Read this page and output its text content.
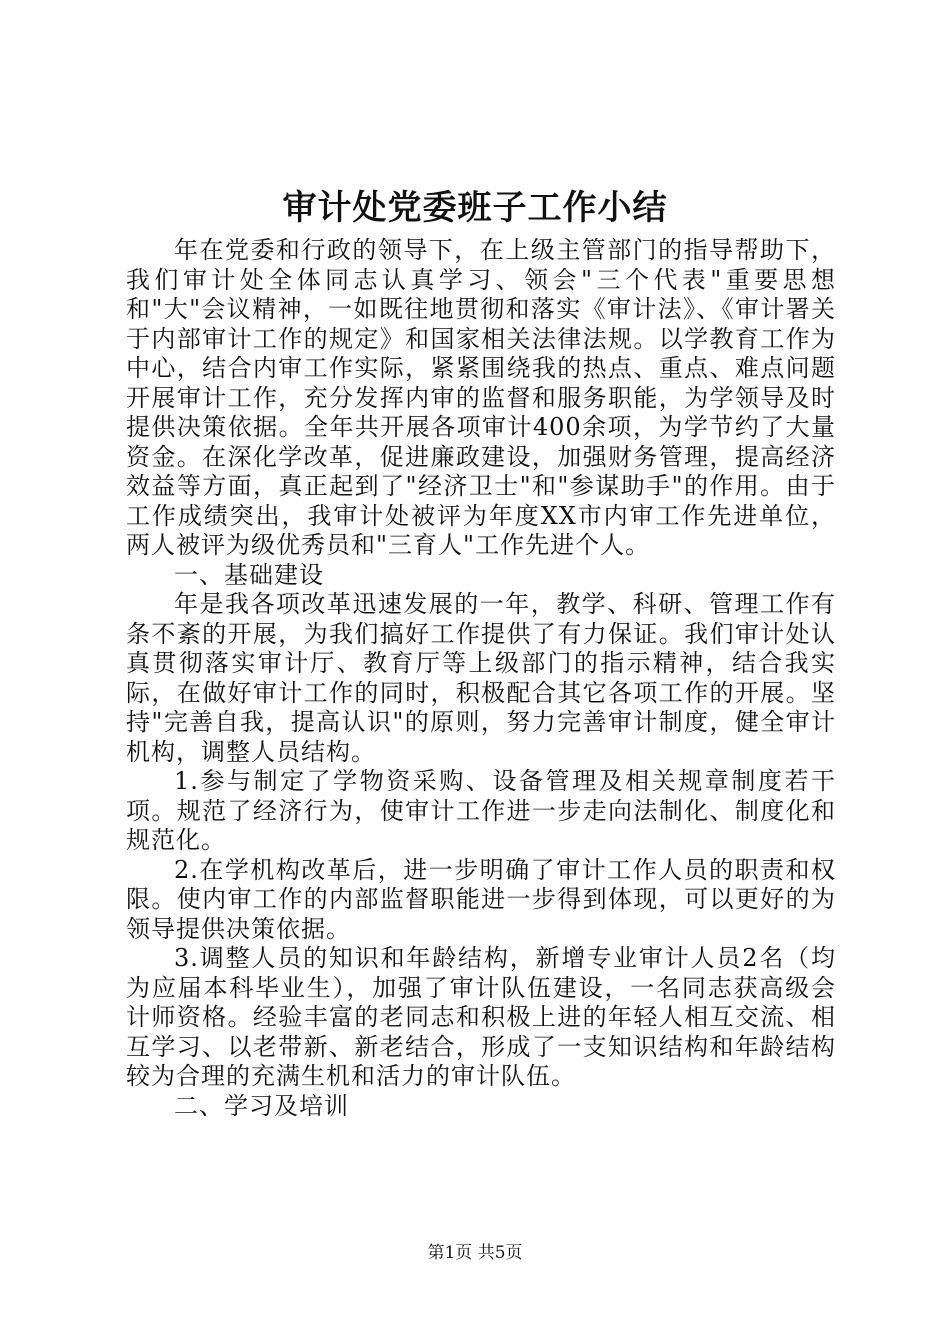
审计处党委班子工作小结

年在党委和行政的领导下，在上级主管部门的指导帮助下，我们审计处全体同志认真学习、领会"三个代表"重要思想和"大"会议精神，一如既往地贯彻和落实《审计法》、《审计署关于内部审计工作的规定》和国家相关法律法规。以学教育工作为中心，结合内审工作实际，紧紧围绕我的热点、重点、难点问题开展审计工作，充分发挥内审的监督和服务职能，为学领导及时提供决策依据。全年共开展各项审计400余项，为学节约了大量资金。在深化学改革，促进廉政建设，加强财务管理，提高经济效益等方面，真正起到了"经济卫士"和"参谋助手"的作用。由于工作成绩突出，我审计处被评为年度XX市内审工作先进单位，两人被评为级优秀员和"三育人"工作先进个人。

一、基础建设

年是我各项改革迅速发展的一年，教学、科研、管理工作有条不紊的开展，为我们搞好工作提供了有力保证。我们审计处认真贯彻落实审计厅、教育厅等上级部门的指示精神，结合我实际，在做好审计工作的同时，积极配合其它各项工作的开展。坚持"完善自我，提高认识"的原则，努力完善审计制度，健全审计机构，调整人员结构。

1.参与制定了学物资采购、设备管理及相关规章制度若干项。规范了经济行为，使审计工作进一步走向法制化、制度化和规范化。

2.在学机构改革后，进一步明确了审计工作人员的职责和权限。使内审工作的内部监督职能进一步得到体现，可以更好的为领导提供决策依据。

3.调整人员的知识和年龄结构，新增专业审计人员2名（均为应届本科毕业生），加强了审计队伍建设，一名同志获高级会计师资格。经验丰富的老同志和积极上进的年轻人相互交流、相互学习、以老带新、新老结合，形成了一支知识结构和年龄结构较为合理的充满生机和活力的审计队伍。

二、学习及培训

第1页 共5页
